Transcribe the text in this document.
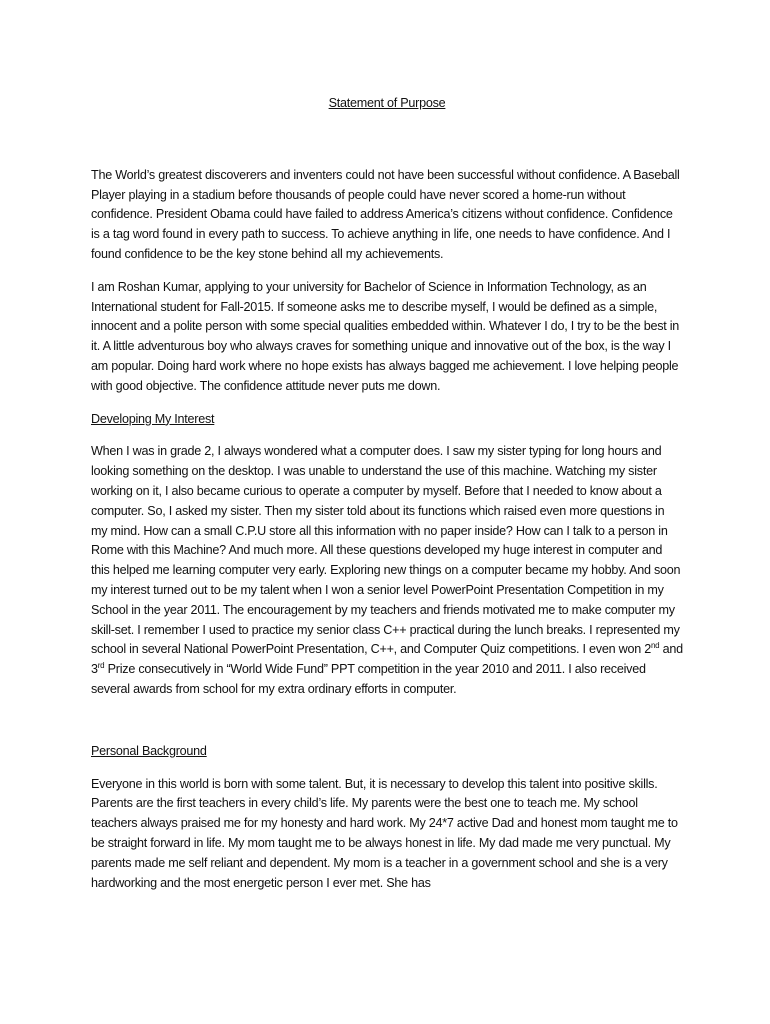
Statement of Purpose

The World’s greatest discoverers and inventers could not have been successful without confidence. A Baseball Player playing in a stadium before thousands of people could have never scored a home-run without confidence. President Obama could have failed to address America’s citizens without confidence. Confidence is a tag word found in every path to success. To achieve anything in life, one needs to have confidence. And I found confidence to be the key stone behind all my achievements.

I am Roshan Kumar, applying to your university for Bachelor of Science in Information Technology, as an International student for Fall-2015. If someone asks me to describe myself, I would be defined as a simple, innocent and a polite person with some special qualities embedded within. Whatever I do, I try to be the best in it. A little adventurous boy who always craves for something unique and innovative out of the box, is the way I am popular. Doing hard work where no hope exists has always bagged me achievement. I love helping people with good objective. The confidence attitude never puts me down.

Developing My Interest

When I was in grade 2, I always wondered what a computer does. I saw my sister typing for long hours and looking something on the desktop. I was unable to understand the use of this machine. Watching my sister working on it, I also became curious to operate a computer by myself. Before that I needed to know about a computer. So, I asked my sister. Then my sister told about its functions which raised even more questions in my mind. How can a small C.P.U store all this information with no paper inside? How can I talk to a person in Rome with this Machine? And much more. All these questions developed my huge interest in computer and this helped me learning computer very early. Exploring new things on a computer became my hobby. And soon my interest turned out to be my talent when I won a senior level PowerPoint Presentation Competition in my School in the year 2011. The encouragement by my teachers and friends motivated me to make computer my skill-set. I remember I used to practice my senior class C++ practical during the lunch breaks. I represented my school in several National PowerPoint Presentation, C++, and Computer Quiz competitions. I even won 2nd and 3rd Prize consecutively in “World Wide Fund” PPT competition in the year 2010 and 2011. I also received several awards from school for my extra ordinary efforts in computer.

Personal Background

Everyone in this world is born with some talent. But, it is necessary to develop this talent into positive skills. Parents are the first teachers in every child’s life. My parents were the best one to teach me. My school teachers always praised me for my honesty and hard work. My 24*7 active Dad and honest mom taught me to be straight forward in life. My mom taught me to be always honest in life. My dad made me very punctual. My parents made me self reliant and dependent. My mom is a teacher in a government school and she is a very hardworking and the most energetic person I ever met. She has
